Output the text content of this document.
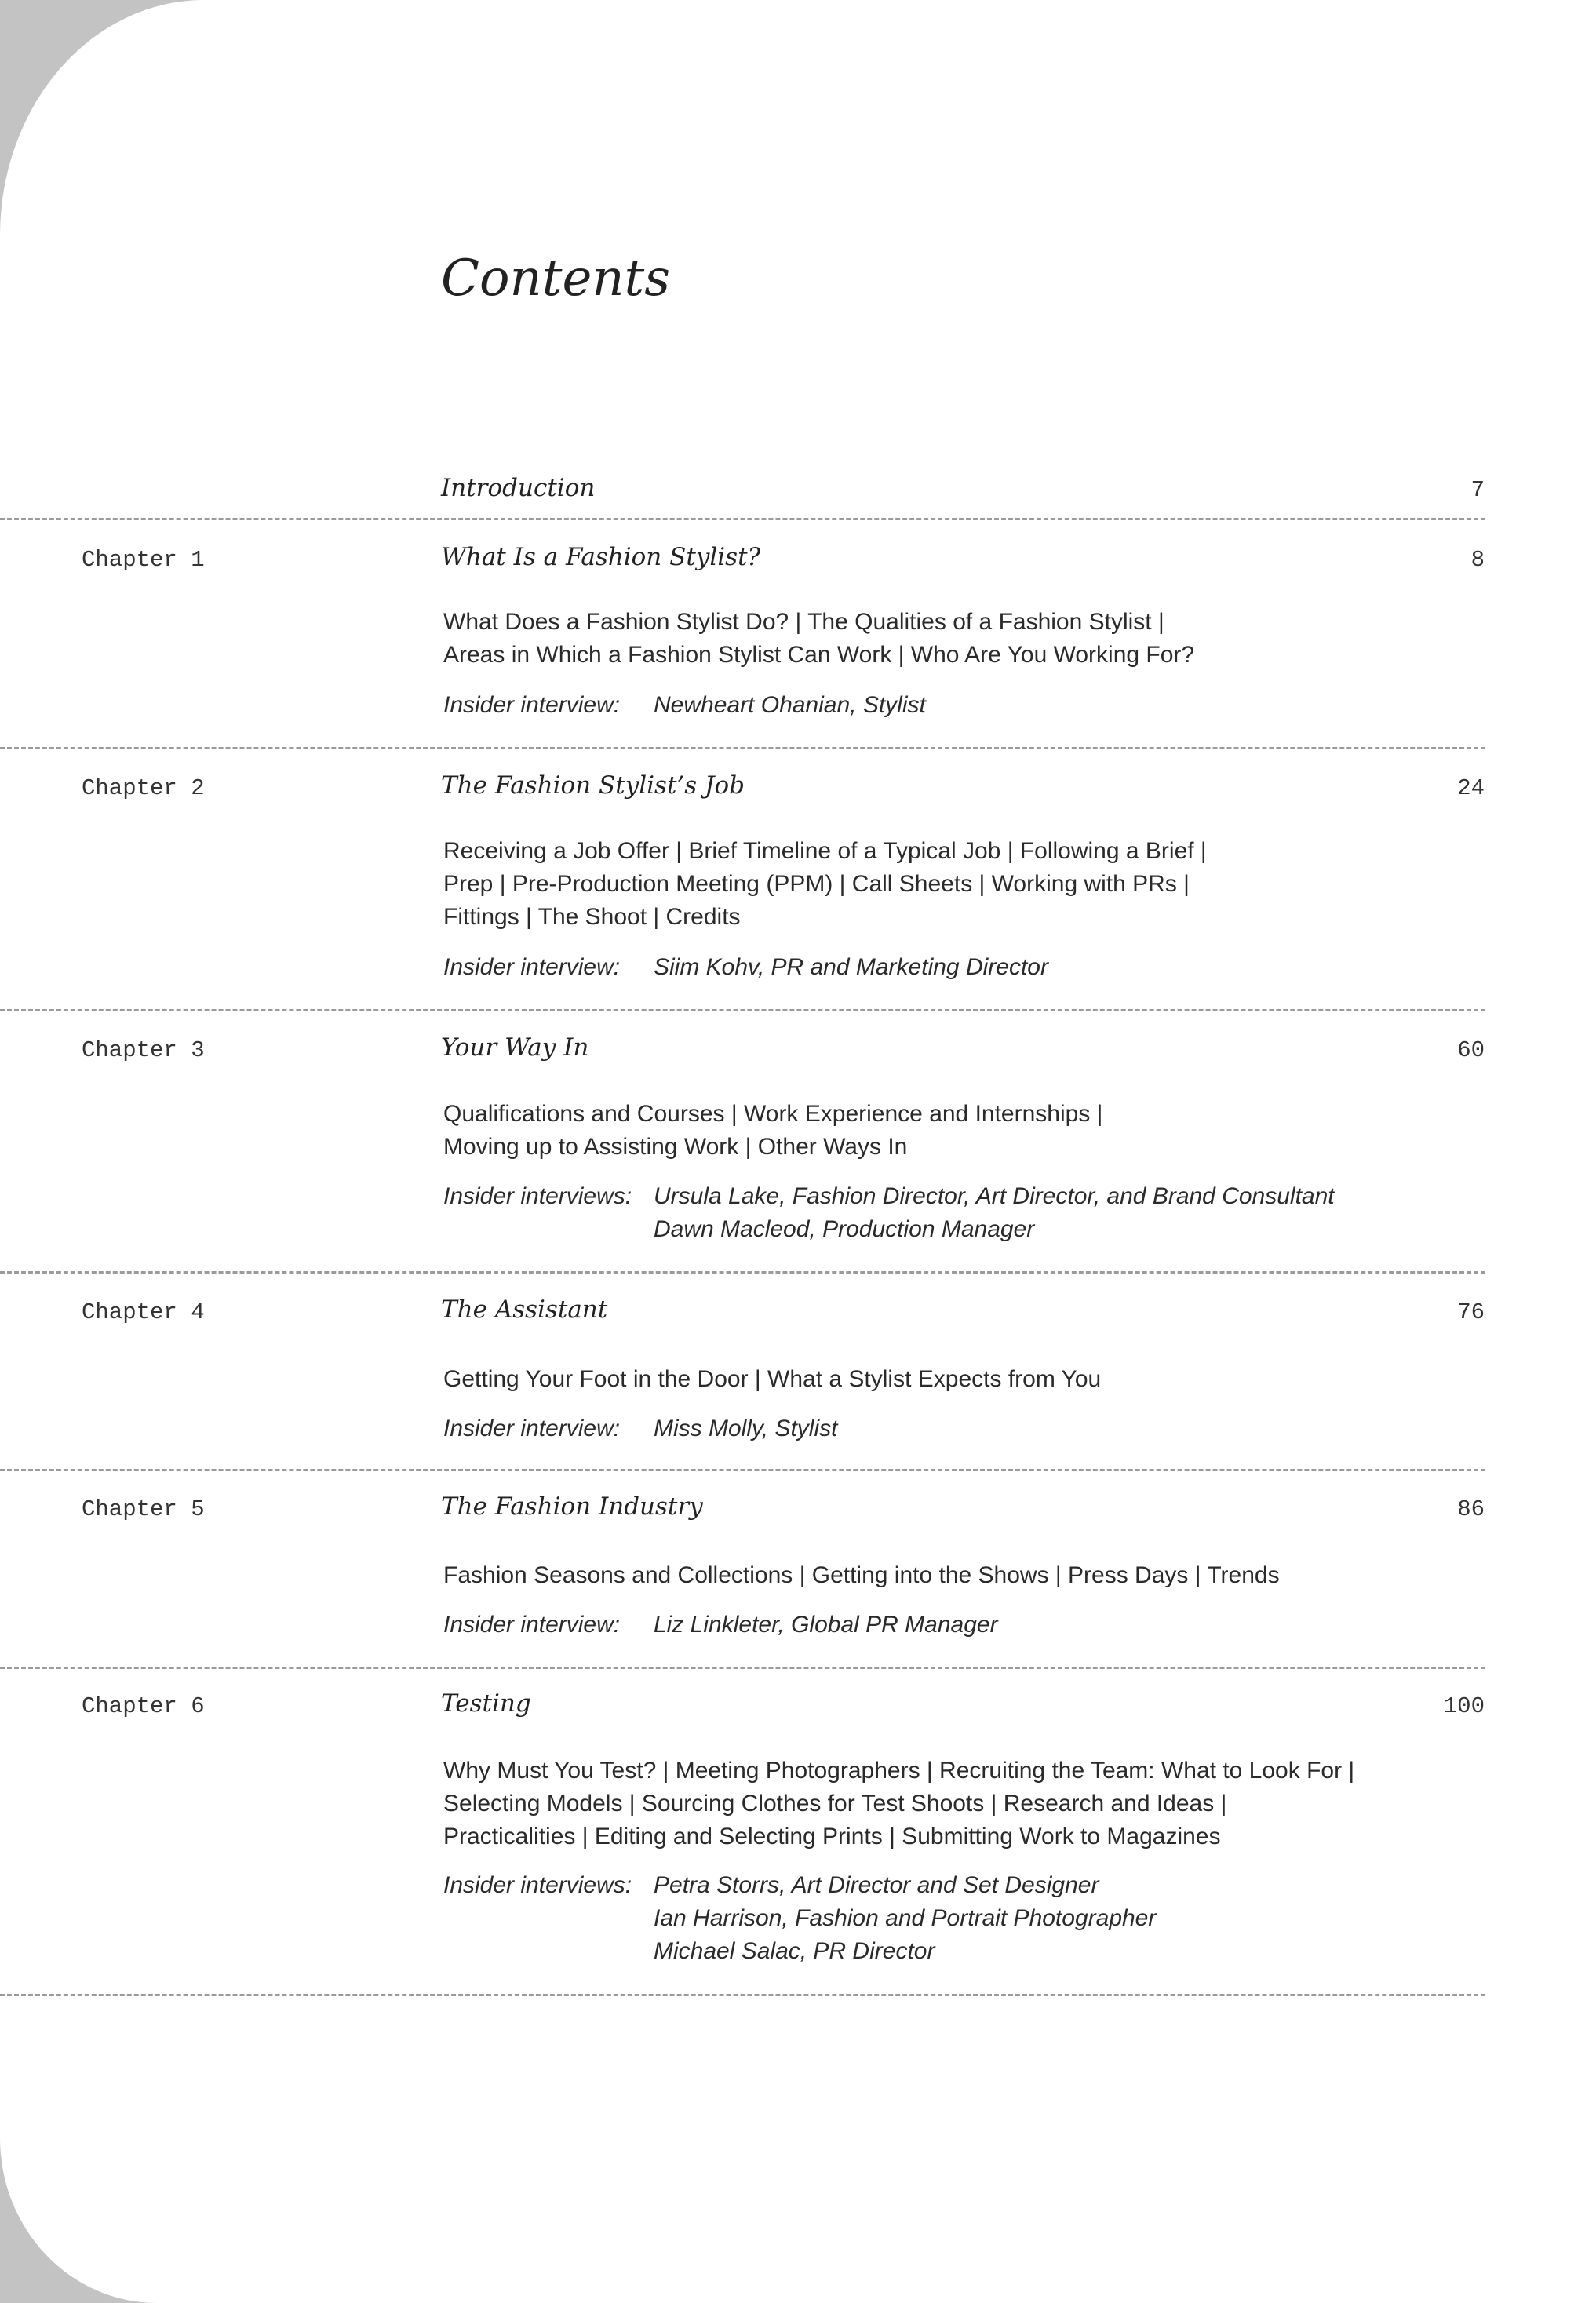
Contents
Introduction	7
Chapter 1	What Is a Fashion Stylist?	8
What Does a Fashion Stylist Do? | The Qualities of a Fashion Stylist |
Areas in Which a Fashion Stylist Can Work | Who Are You Working For?
Insider interview:	Newheart Ohanian, Stylist
Chapter 2	The Fashion Stylist’s Job	24
Receiving a Job Offer | Brief Timeline of a Typical Job | Following a Brief |
Prep | Pre-Production Meeting (PPM) | Call Sheets | Working with PRs |
Fittings | The Shoot | Credits
Insider interview:	Siim Kohv, PR and Marketing Director
Chapter 3	Your Way In	60
Qualifications and Courses | Work Experience and Internships |
Moving up to Assisting Work | Other Ways In
Insider interviews: Ursula Lake, Fashion Director, Art Director, and Brand Consultant
Dawn Macleod, Production Manager
Chapter 4	The Assistant	76
Getting Your Foot in the Door | What a Stylist Expects from You
Insider interview:	Miss Molly, Stylist
Chapter 5	The Fashion Industry	86
Fashion Seasons and Collections | Getting into the Shows | Press Days | Trends
Insider interview:	Liz Linkleter, Global PR Manager
Chapter 6	Testing	100
Why Must You Test? | Meeting Photographers | Recruiting the Team: What to Look For |
Selecting Models | Sourcing Clothes for Test Shoots | Research and Ideas |
Practicalities | Editing and Selecting Prints | Submitting Work to Magazines
Insider interviews: Petra Storrs, Art Director and Set Designer
Ian Harrison, Fashion and Portrait Photographer
Michael Salac, PR Director
